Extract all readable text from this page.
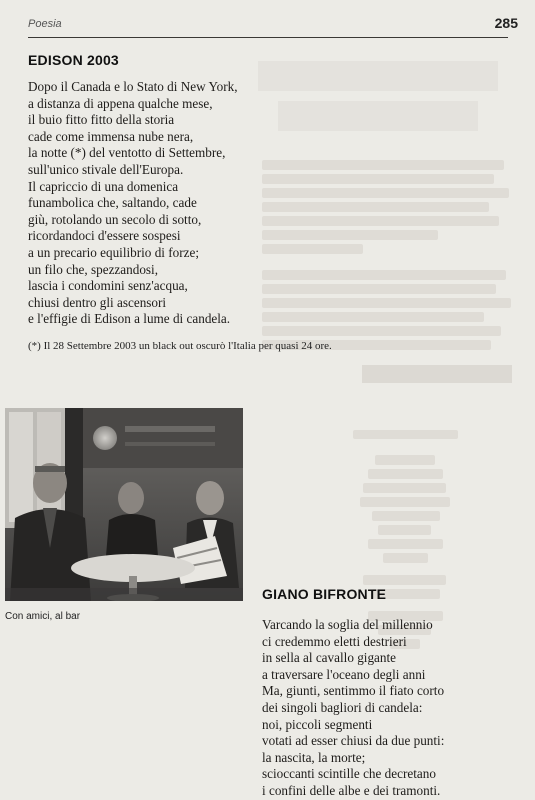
Poesia	285
EDISON 2003
Dopo il Canada e lo Stato di New York,
a distanza di appena qualche mese,
il buio fitto fitto della storia
cade come immensa nube nera,
la notte (*) del ventotto di Settembre,
sull'unico stivale dell'Europa.
Il capriccio di una domenica
funambolica che, saltando, cade
giù, rotolando un secolo di sotto,
ricordandoci d'essere sospesi
a un precario equilibrio di forze;
un filo che, spezzandosi,
lascia i condomini senz'acqua,
chiusi dentro gli ascensori
e l'effigie di Edison a lume di candela.
(*) Il 28 Settembre 2003 un black out oscurò l'Italia per quasi 24 ore.
Con amici, al bar
GIANO BIFRONTE
Varcando la soglia del millennio
ci credemmo eletti destrieri
in sella al cavallo gigante
a traversare l'oceano degli anni
Ma, giunti, sentimmo il fiato corto
dei singoli bagliori di candela:
noi, piccoli segmenti
votati ad esser chiusi da due punti:
la nascita, la morte;
scioccanti scintille che decretano
i confini delle albe e dei tramonti.
